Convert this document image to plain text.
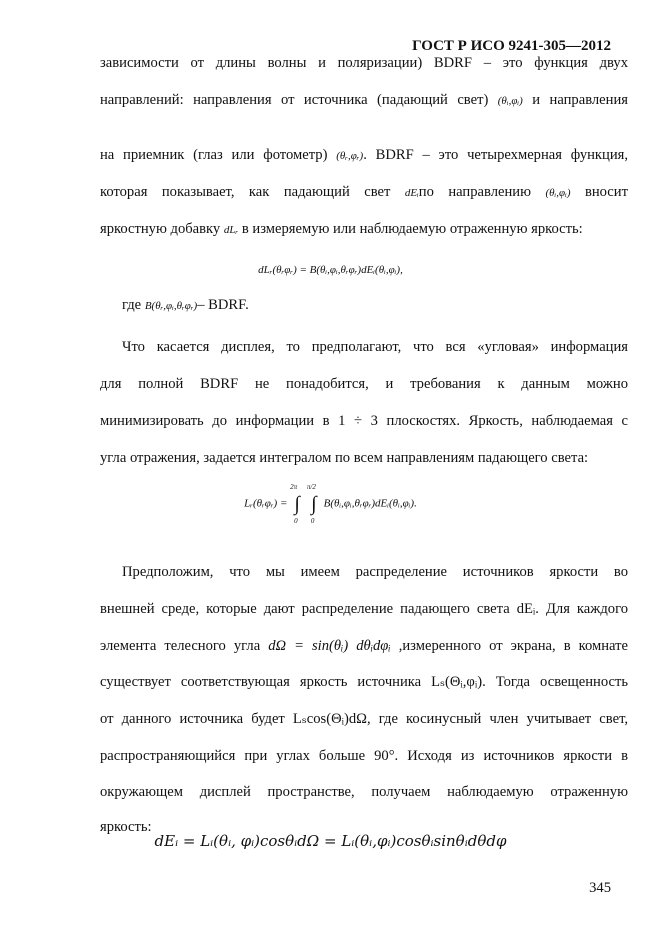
ГОСТ Р ИСО 9241-305—2012
зависимости от длины волны и поляризации) BDRF – это функция двух
направлений: направления от источника (падающий свет) (θᵢ,φᵢ) и направления
на приемник (глаз или фотометр) (θᵣ,φᵣ). BDRF – это четырехмерная функция,
которая показывает, как падающий свет dEᵢпо направлению (θᵢ,φᵢ) вносит
яркостную добавку dLᵣ в измеряемую или наблюдаемую отраженную яркость:
где B(θᵣ,φᵢ,θᵣφᵣ)– BDRF.
Что касается дисплея, то предполагают, что вся «угловая» информация
для полной BDRF не понадобится, и требования к данным можно
минимизировать до информации в 1 ÷ 3 плоскостях. Яркость, наблюдаемая с
угла отражения, задается интегралом по всем направлениям падающего света:
Предположим, что мы имеем распределение источников яркости во
внешней среде, которые дают распределение падающего света dEᵢ. Для каждого
элемента телесного угла dΩ = sin(θᵢ) dθᵢdφᵢ ,измеренного от экрана, в комнате
существует соответствующая яркость источника Lₛ(Θᵢ,φᵢ). Тогда освещенность
от данного источника будет Lₛcos(Θᵢ)dΩ, где косинусный член учитывает свет,
распространяющийся при углах больше 90°. Исходя из источников яркости в
окружающем дисплей пространстве, получаем наблюдаемую отраженную
яркость:
dLᵣ(θᵣφᵣ) = B(θᵢ,φᵢ,θᵣφᵣ)dEᵢ(θᵢ,φᵢ),
Lᵣ(θᵣφᵣ) =
2π
∫
0

π/2
∫
0
B(θᵢ,φᵢ,θᵣφᵣ)dEᵢ(θᵢ,φᵢ).
dEᵢ = Lᵢ(θᵢ, φᵢ)cosθᵢdΩ = Lᵢ(θᵢ,φᵢ)cosθᵢsinθᵢdθdφ
345
